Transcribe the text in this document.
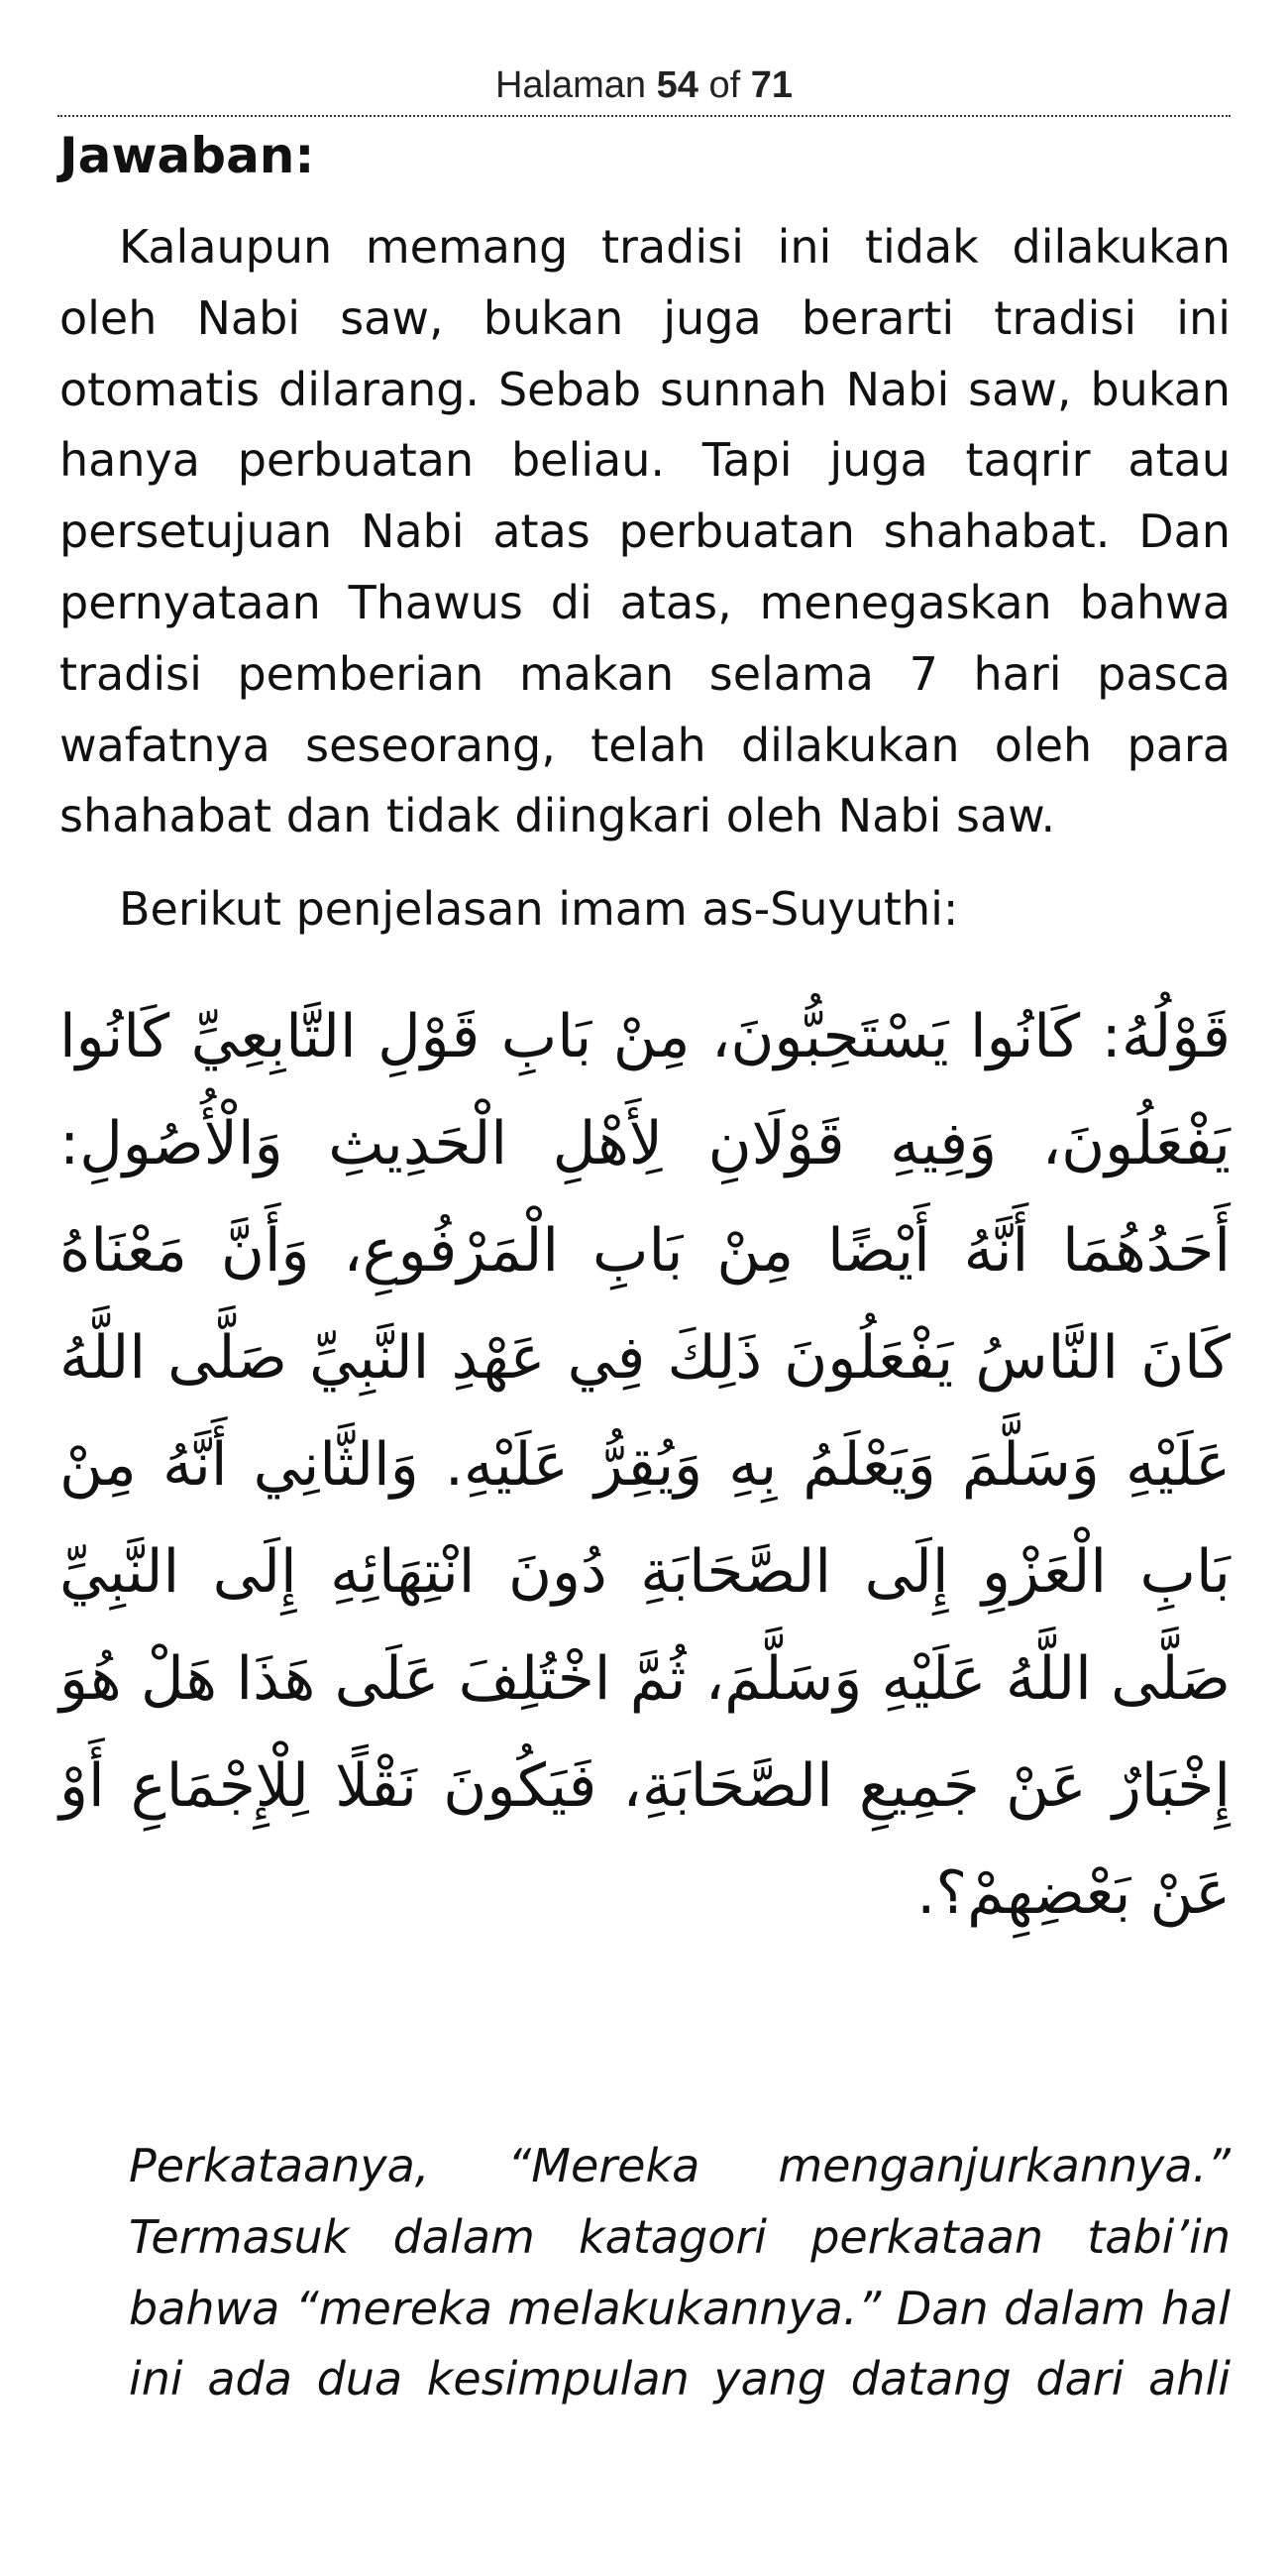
Halaman 54 of 71
Jawaban:

Kalaupun memang tradisi ini tidak dilakukan oleh Nabi saw, bukan juga berarti tradisi ini otomatis dilarang. Sebab sunnah Nabi saw, bukan hanya perbuatan beliau. Tapi juga taqrir atau persetujuan Nabi atas perbuatan shahabat. Dan pernyataan Thawus di atas, menegaskan bahwa tradisi pemberian makan selama 7 hari pasca wafatnya seseorang, telah dilakukan oleh para shahabat dan tidak diingkari oleh Nabi saw.

Berikut penjelasan imam as-Suyuthi:

قَوْلُهُ: كَانُوا يَسْتَحِبُّونَ، مِنْ بَابِ قَوْلِ التَّابِعِيِّ كَانُوا يَفْعَلُونَ، وَفِيهِ قَوْلَانِ لِأَهْلِ الْحَدِيثِ وَالْأُصُولِ: أَحَدُهُمَا أَنَّهُ أَيْضًا مِنْ بَابِ الْمَرْفُوعِ، وَأَنَّ مَعْنَاهُ كَانَ النَّاسُ يَفْعَلُونَ ذَلِكَ فِي عَهْدِ النَّبِيِّ صَلَّى اللَّهُ عَلَيْهِ وَسَلَّمَ وَيَعْلَمُ بِهِ وَيُقِرُّ عَلَيْهِ. وَالثَّانِي أَنَّهُ مِنْ بَابِ الْعَزْوِ إِلَى الصَّحَابَةِ دُونَ انْتِهَائِهِ إِلَى النَّبِيِّ صَلَّى اللَّهُ عَلَيْهِ وَسَلَّمَ، ثُمَّ اخْتُلِفَ عَلَى هَذَا هَلْ هُوَ إِخْبَارٌ عَنْ جَمِيعِ الصَّحَابَةِ، فَيَكُونَ نَقْلًا لِلْإِجْمَاعِ أَوْ عَنْ بَعْضِهِمْ؟.

Perkataanya, “Mereka menganjurkannya.” Termasuk dalam katagori perkataan tabi’in bahwa “mereka melakukannya.” Dan dalam hal ini ada dua kesimpulan yang datang dari ahli
